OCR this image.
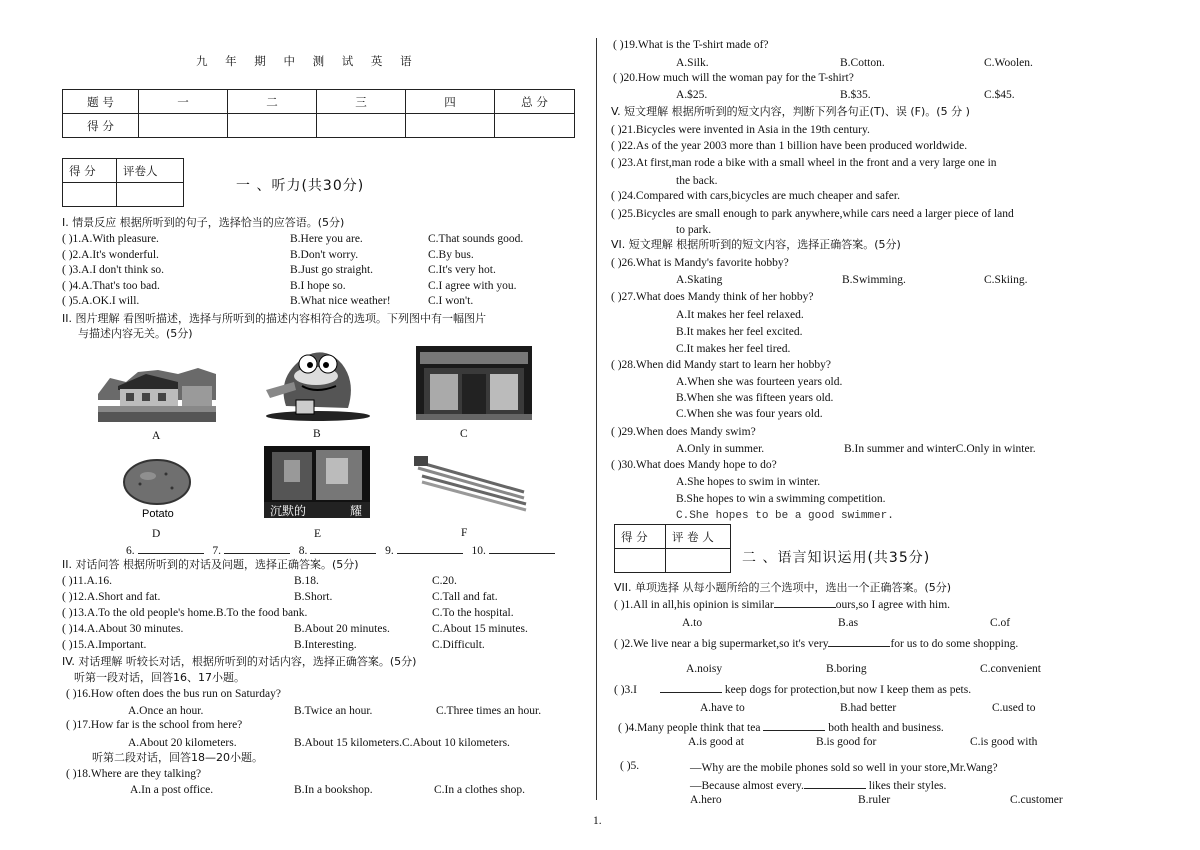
九 年 期 中 测 试 英 语
题 号	一	二	三	四	总 分
得 分					
得 分	评卷人

一 、听力(共30分)
I. 情景反应 根据所听到的句子，选择恰当的应答语。(5分)
( )1.A.With pleasure.	B.Here you are.	C.That sounds good.
( )2.A.It's wonderful.	B.Don't worry.	C.By bus.
( )3.A.I don't think so.	B.Just go straight.	C.It's very hot.
( )4.A.That's too bad.	B.I hope so.	C.I agree with you.
( )5.A.OK.I will.	B.What nice weather!	C.I won't.
II. 图片理解 看图听描述，选择与所听到的描述内容相符合的选项。下列图中有一幅图片
与描述内容无关。(5分)
A	B	C
Potato
D
沉默的	耀
E	F
6.	7.	8.	9.	10.
II. 对话问答 根据所听到的对话及问题，选择正确答案。(5分)
( )11.A.16.	B.18.	C.20.
( )12.A.Short and fat.	B.Short.	C.Tall and fat.
( )13.A.To the old people's home.B.To the food bank.	C.To the hospital.
( )14.A.About 30 minutes.	B.About 20 minutes.	C.About 15 minutes.
( )15.A.Important.	B.Interesting.	C.Difficult.
IV. 对话理解 听较长对话，根据所听到的对话内容，选择正确答案。(5分)
听第一段对话，回答16、17小题。
( )16.How often does the bus run on Saturday?
A.Once an hour.	B.Twice an hour.	C.Three times an hour.
( )17.How far is the school from here?
A.About 20 kilometers.	B.About 15 kilometers.C.About 10 kilometers.
听第二段对话，回答18—20小题。
( )18.Where are they talking?
A.In a post office.	B.In a bookshop.	C.In a clothes shop.
( )19.What is the T-shirt made of?
A.Silk.	B.Cotton.	C.Woolen.
( )20.How much will the woman pay for the T-shirt?
A.$25.	B.$35.	C.$45.
V. 短文理解 根据所听到的短文内容，判断下列各句正(T)、误 (F)。(5 分 )
( )21.Bicycles were invented in Asia in the 19th century.
( )22.As of the year 2003 more than 1 billion have been produced worldwide.
( )23.At first,man rode a bike with a small wheel in the front and a very large one in
the back.
( )24.Compared with cars,bicycles are much cheaper and safer.
( )25.Bicycles are small enough to park anywhere,while cars need a larger piece of land
to park.
VI. 短文理解 根据所听到的短文内容，选择正确答案。(5分)
( )26.What is Mandy's favorite hobby?
A.Skating	B.Swimming.	C.Skiing.
( )27.What does Mandy think of her hobby?
A.It makes her feel relaxed.
B.It makes her feel excited.
C.It makes her feel tired.
( )28.When did Mandy start to learn her hobby?
A.When she was fourteen years old.
B.When she was fifteen years old.
C.When she was four years old.
( )29.When does Mandy swim?
A.Only in summer.	B.In summer and winterC.Only in winter.
( )30.What does Mandy hope to do?
A.She hopes to swim in winter.
B.She hopes to win a swimming competition.
C.She hopes to be a good swimmer.
得 分	评 卷 人

二 、语言知识运用(共35分)
VII. 单项选择 从每小题所给的三个选项中，选出一个正确答案。(5分)
( )1.All in all,his opinion is similar	ours,so I agree with him.
A.to	B.as	C.of
( )2.We live near a big supermarket,so it's very	for us to do some shopping.
A.noisy	B.boring	C.convenient
( )3.I	keep dogs for protection,but now I keep them as pets.
A.have to	B.had better	C.used to
( )4.Many people think that tea	both health and business.
A.is good at	B.is good for	C.is good with
( )5.	—Why are the mobile phones sold so well in your store,Mr.Wang?
—Because almost every.	likes their styles.
A.hero	B.ruler	C.customer
1.
